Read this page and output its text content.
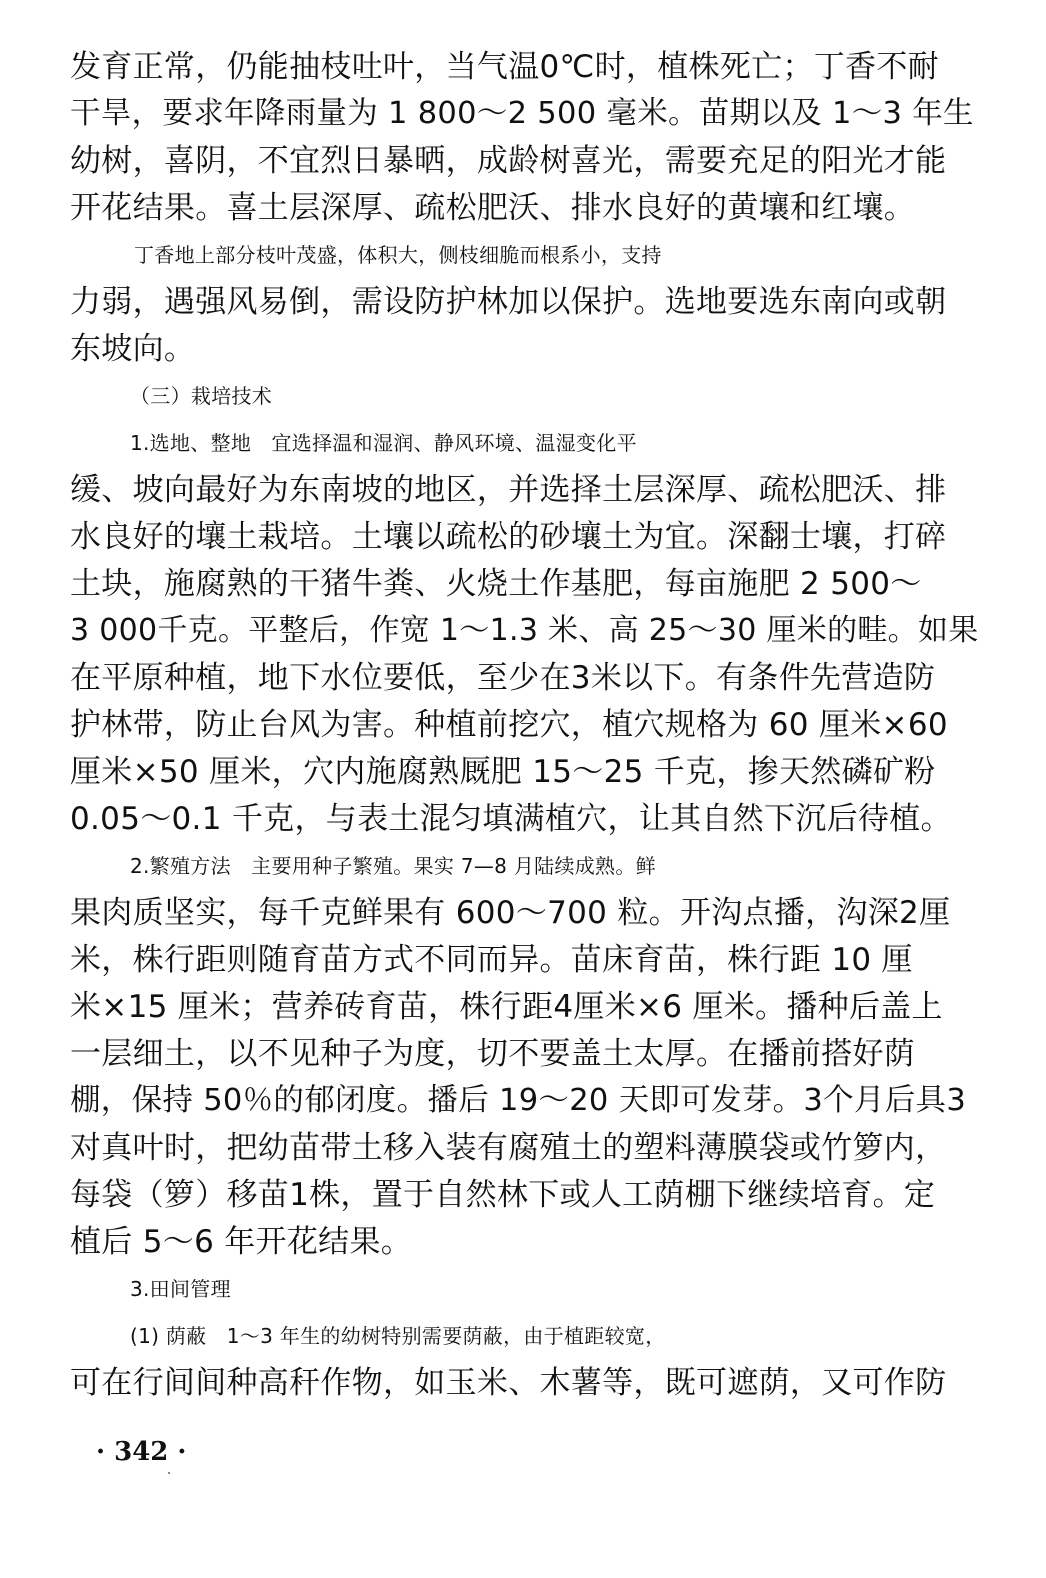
发育正常，仍能抽枝吐叶，当气温0℃时，植株死亡；丁香不耐
干旱，要求年降雨量为 1 800～2 500 毫米。苗期以及 1～3 年生
幼树，喜阴，不宜烈日暴晒，成龄树喜光，需要充足的阳光才能
开花结果。喜土层深厚、疏松肥沃、排水良好的黄壤和红壤。
丁香地上部分枝叶茂盛，体积大，侧枝细脆而根系小，支持
力弱，遇强风易倒，需设防护林加以保护。选地要选东南向或朝
东坡向。
（三）栽培技术
1.选地、整地　宜选择温和湿润、静风环境、温湿变化平
缓、坡向最好为东南坡的地区，并选择土层深厚、疏松肥沃、排
水良好的壤土栽培。土壤以疏松的砂壤土为宜。深翻士壤，打碎
土块，施腐熟的干猪牛粪、火烧土作基肥，每亩施肥 2 500～
3 000千克。平整后，作宽 1～1.3 米、高 25～30 厘米的畦。如果
在平原种植，地下水位要低，至少在3米以下。有条件先营造防
护林带，防止台风为害。种植前挖穴，植穴规格为 60 厘米×60
厘米×50 厘米，穴内施腐熟厩肥 15～25 千克，掺天然磷矿粉
0.05～0.1 千克，与表土混匀填满植穴，让其自然下沉后待植。
2.繁殖方法　主要用种子繁殖。果实 7—8 月陆续成熟。鲜
果肉质坚实，每千克鲜果有 600～700 粒。开沟点播，沟深2厘
米，株行距则随育苗方式不同而异。苗床育苗，株行距 10 厘
米×15 厘米；营养砖育苗，株行距4厘米×6 厘米。播种后盖上
一层细土，以不见种子为度，切不要盖土太厚。在播前搭好荫
棚，保持 50％的郁闭度。播后 19～20 天即可发芽。3个月后具3
对真叶时，把幼苗带土移入装有腐殖土的塑料薄膜袋或竹箩内，
每袋（箩）移苗1株，置于自然林下或人工荫棚下继续培育。定
植后 5～6 年开花结果。
3.田间管理
(1) 荫蔽　1～3 年生的幼树特别需要荫蔽，由于植距较宽，
可在行间间种高秆作物，如玉米、木薯等，既可遮荫，又可作防
· 342 ·
